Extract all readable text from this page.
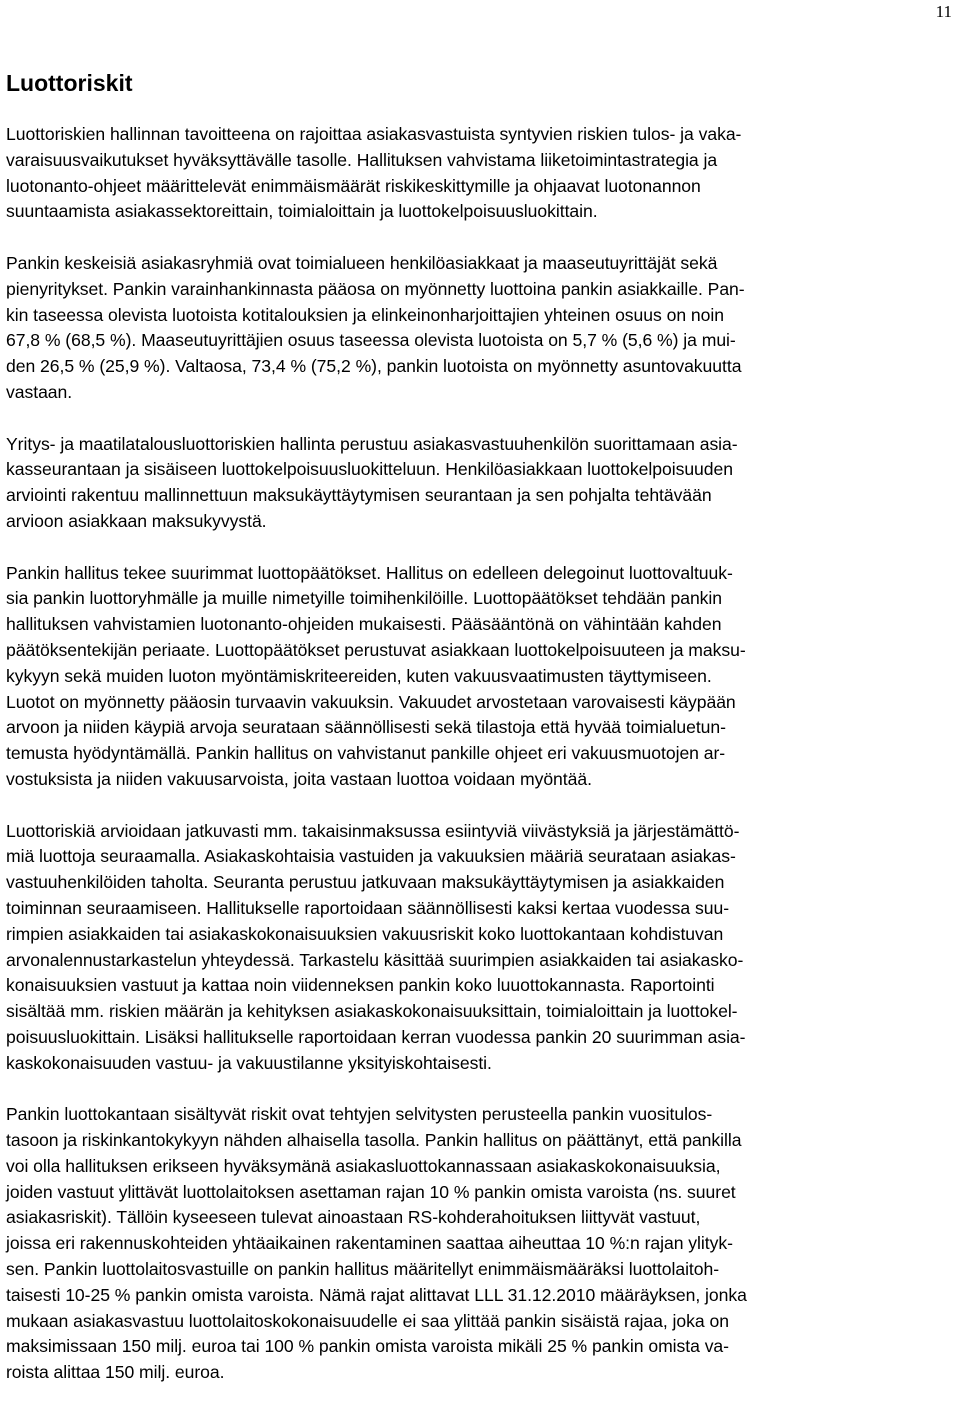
11
Luottoriskit
Luottoriskien hallinnan tavoitteena on rajoittaa asiakasvastuista syntyvien riskien tulos- ja vaka-
varaisuusvaikutukset hyväksyttävälle tasolle. Hallituksen vahvistama liiketoimintastrategia ja
luotonanto-ohjeet määrittelevät enimmäismäärät riskikeskittymille ja ohjaavat luotonannon
suuntaamista asiakassektoreittain, toimialoittain ja luottokelpoisuusluokittain.
Pankin keskeisiä asiakasryhmiä ovat toimialueen henkilöasiakkaat ja maaseutuyrittäjät sekä
pienyritykset. Pankin varainhankinnasta pääosa on myönnetty luottoina pankin asiakkaille. Pan-
kin taseessa olevista luotoista kotitalouksien ja elinkeinonharjoittajien yhteinen osuus on noin
67,8 % (68,5 %). Maaseutuyrittäjien osuus taseessa olevista luotoista on 5,7 % (5,6 %) ja mui-
den 26,5 % (25,9 %). Valtaosa, 73,4 % (75,2 %), pankin luotoista on myönnetty asuntovakuutta
vastaan.
Yritys- ja maatilatalousluottoriskien hallinta perustuu asiakasvastuuhenkilön suorittamaan asia-
kasseurantaan ja sisäiseen luottokelpoisuusluokitteluun. Henkilöasiakkaan luottokelpoisuuden
arviointi rakentuu mallinnettuun maksukäyttäytymisen seurantaan ja sen pohjalta tehtävään
arvioon asiakkaan maksukyvystä.
Pankin hallitus tekee suurimmat luottopäätökset. Hallitus on edelleen delegoinut luottovaltuuk-
sia pankin luottoryhmälle ja muille nimetyille toimihenkilöille. Luottopäätökset tehdään pankin
hallituksen vahvistamien luotonanto-ohjeiden mukaisesti. Pääsääntönä on vähintään kahden
päätöksentekijän periaate. Luottopäätökset perustuvat asiakkaan luottokelpoisuuteen ja maksu-
kykyyn sekä muiden luoton myöntämiskriteereiden, kuten vakuusvaatimusten täyttymiseen.
Luotot on myönnetty pääosin turvaavin vakuuksin. Vakuudet arvostetaan varovaisesti käypään
arvoon ja niiden käypiä arvoja seurataan säännöllisesti sekä tilastoja että hyvää toimialuetun-
temusta hyödyntämällä. Pankin hallitus on vahvistanut pankille ohjeet eri vakuusmuotojen ar-
vostuksista ja niiden vakuusarvoista, joita vastaan luottoa voidaan myöntää.
Luottoriskiä arvioidaan jatkuvasti mm. takaisinmaksussa esiintyviä viivästyksiä ja järjestämättö-
miä luottoja seuraamalla. Asiakaskohtaisia vastuiden ja vakuuksien määriä seurataan asiakas-
vastuuhenkilöiden taholta. Seuranta perustuu jatkuvaan maksukäyttäytymisen ja asiakkaiden
toiminnan seuraamiseen. Hallitukselle raportoidaan säännöllisesti kaksi kertaa vuodessa suu-
rimpien asiakkaiden tai asiakaskokonaisuuksien vakuusriskit koko luottokantaan kohdistuvan
arvonalennustarkastelun yhteydessä. Tarkastelu käsittää suurimpien asiakkaiden tai asiakasko-
konaisuuksien vastuut ja kattaa noin viidenneksen pankin koko luuottokannasta. Raportointi
sisältää mm. riskien määrän ja kehityksen asiakaskokonaisuuksittain, toimialoittain ja luottokel-
poisuusluokittain. Lisäksi hallitukselle raportoidaan kerran vuodessa pankin 20 suurimman asia-
kaskokonaisuuden vastuu- ja vakuustilanne yksityiskohtaisesti.
Pankin luottokantaan sisältyvät riskit ovat tehtyjen selvitysten perusteella pankin vuositulos-
tasoon ja riskinkantokykyyn nähden alhaisella tasolla. Pankin hallitus on päättänyt, että pankilla
voi olla hallituksen erikseen hyväksymänä asiakasluottokannassaan asiakaskokonaisuuksia,
joiden vastuut ylittävät luottolaitoksen asettaman rajan 10 % pankin omista varoista (ns. suuret
asiakasriskit). Tällöin kyseeseen tulevat ainoastaan RS-kohderahoituksen liittyvät vastuut,
joissa eri rakennuskohteiden yhtäaikainen rakentaminen saattaa aiheuttaa 10 %:n rajan ylityk-
sen. Pankin luottolaitosvastuille on pankin hallitus määritellyt enimmäismääräksi luottolaitoh-
taisesti 10-25 % pankin omista varoista. Nämä rajat alittavat LLL 31.12.2010 määräyksen, jonka
mukaan asiakasvastuu luottolaitoskokonaisuudelle ei saa ylittää pankin sisäistä rajaa, joka on
maksimissaan 150 milj. euroa tai 100 % pankin omista varoista mikäli 25 % pankin omista va-
roista alittaa 150 milj. euroa.
